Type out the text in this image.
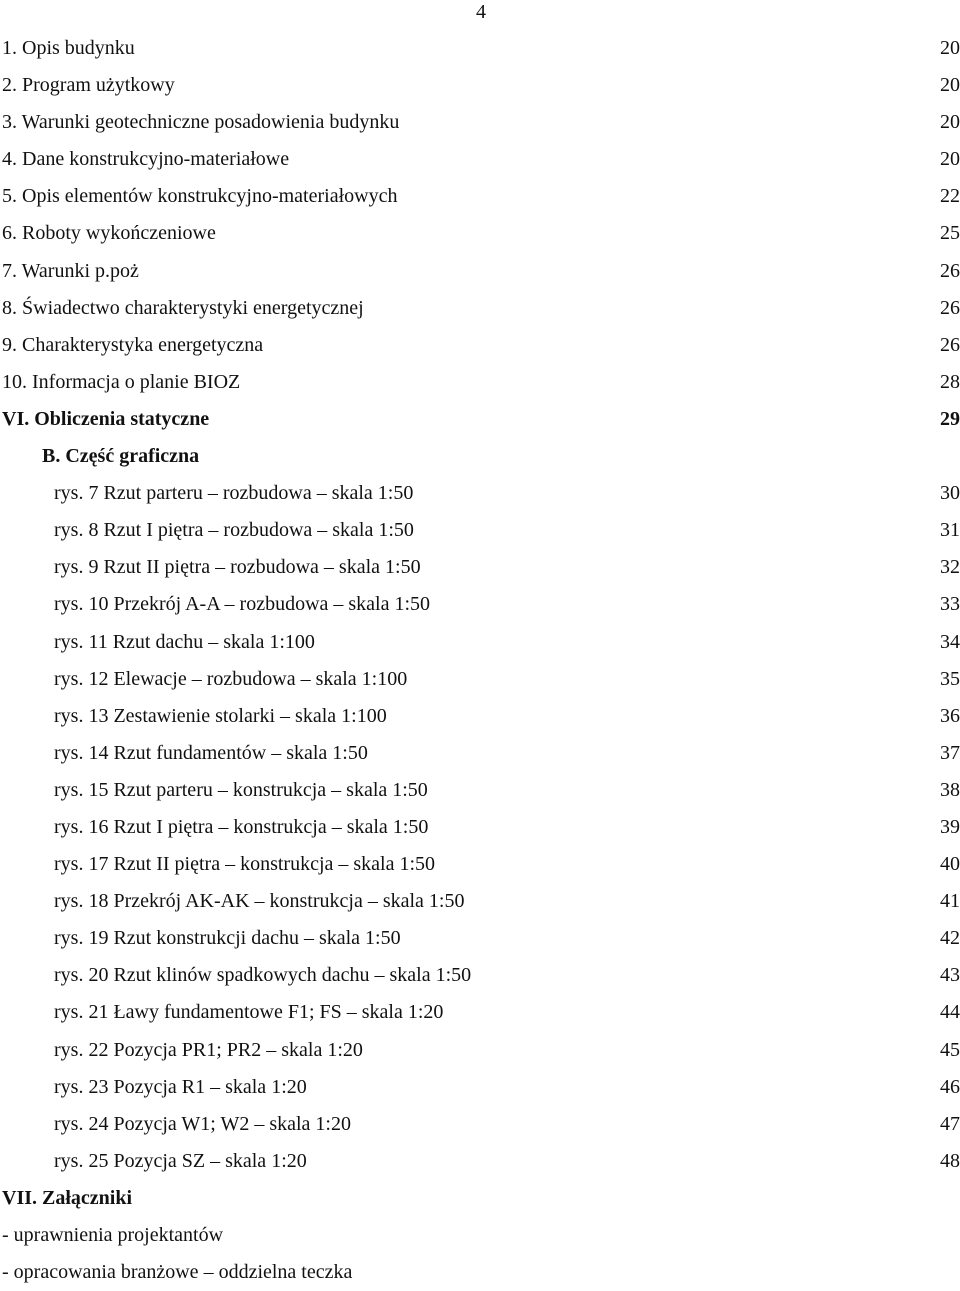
4
1. Opis budynku	20
2. Program użytkowy	20
3. Warunki geotechniczne posadowienia budynku	20
4. Dane konstrukcyjno-materiałowe	20
5. Opis elementów konstrukcyjno-materiałowych	22
6. Roboty wykończeniowe	25
7. Warunki p.poż	26
8. Świadectwo charakterystyki energetycznej	26
9. Charakterystyka energetyczna	26
10. Informacja o planie BIOZ	28
VI. Obliczenia statyczne	29
B. Część graficzna
rys. 7 Rzut parteru – rozbudowa – skala 1:50	30
rys. 8 Rzut I piętra – rozbudowa – skala 1:50	31
rys. 9 Rzut II piętra – rozbudowa – skala 1:50	32
rys. 10 Przekrój A-A – rozbudowa – skala 1:50	33
rys. 11 Rzut dachu – skala 1:100	34
rys. 12 Elewacje – rozbudowa – skala 1:100	35
rys. 13 Zestawienie stolarki – skala 1:100	36
rys. 14 Rzut fundamentów – skala 1:50	37
rys. 15 Rzut parteru – konstrukcja – skala 1:50	38
rys. 16 Rzut I piętra – konstrukcja – skala 1:50	39
rys. 17 Rzut II piętra – konstrukcja – skala 1:50	40
rys. 18 Przekrój AK-AK – konstrukcja – skala 1:50	41
rys. 19 Rzut konstrukcji dachu – skala 1:50	42
rys. 20 Rzut klinów spadkowych dachu – skala 1:50	43
rys. 21 Ławy fundamentowe F1; FS – skala 1:20	44
rys. 22 Pozycja PR1; PR2 – skala 1:20	45
rys. 23 Pozycja R1 – skala 1:20	46
rys. 24 Pozycja W1; W2 – skala 1:20	47
rys. 25 Pozycja SZ – skala 1:20	48
VII. Załączniki
- uprawnienia projektantów
- opracowania branżowe – oddzielna teczka
